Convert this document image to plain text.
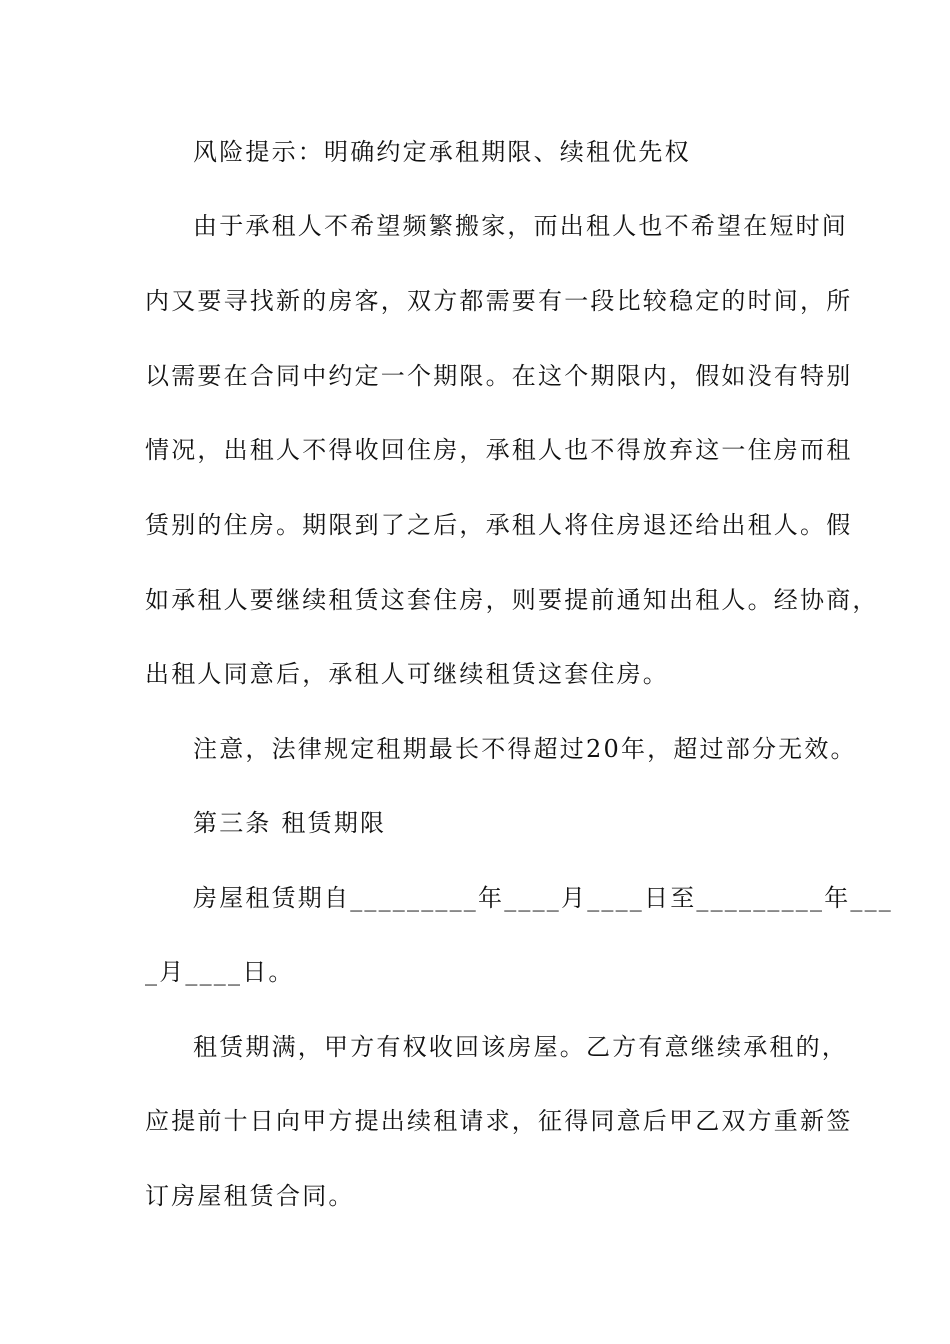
风险提示：明确约定承租期限、续租优先权
由于承租人不希望频繁搬家，而出租人也不希望在短时间
内又要寻找新的房客，双方都需要有一段比较稳定的时间，所
以需要在合同中约定一个期限。在这个期限内，假如没有特别
情况，出租人不得收回住房，承租人也不得放弃这一住房而租
赁别的住房。期限到了之后，承租人将住房退还给出租人。假
如承租人要继续租赁这套住房，则要提前通知出租人。经协商，
出租人同意后，承租人可继续租赁这套住房。
注意，法律规定租期最长不得超过20年，超过部分无效。
第三条 租赁期限
房屋租赁期自_________年____月____日至_________年___
_月____日。
租赁期满，甲方有权收回该房屋。乙方有意继续承租的，
应提前十日向甲方提出续租请求，征得同意后甲乙双方重新签
订房屋租赁合同。
